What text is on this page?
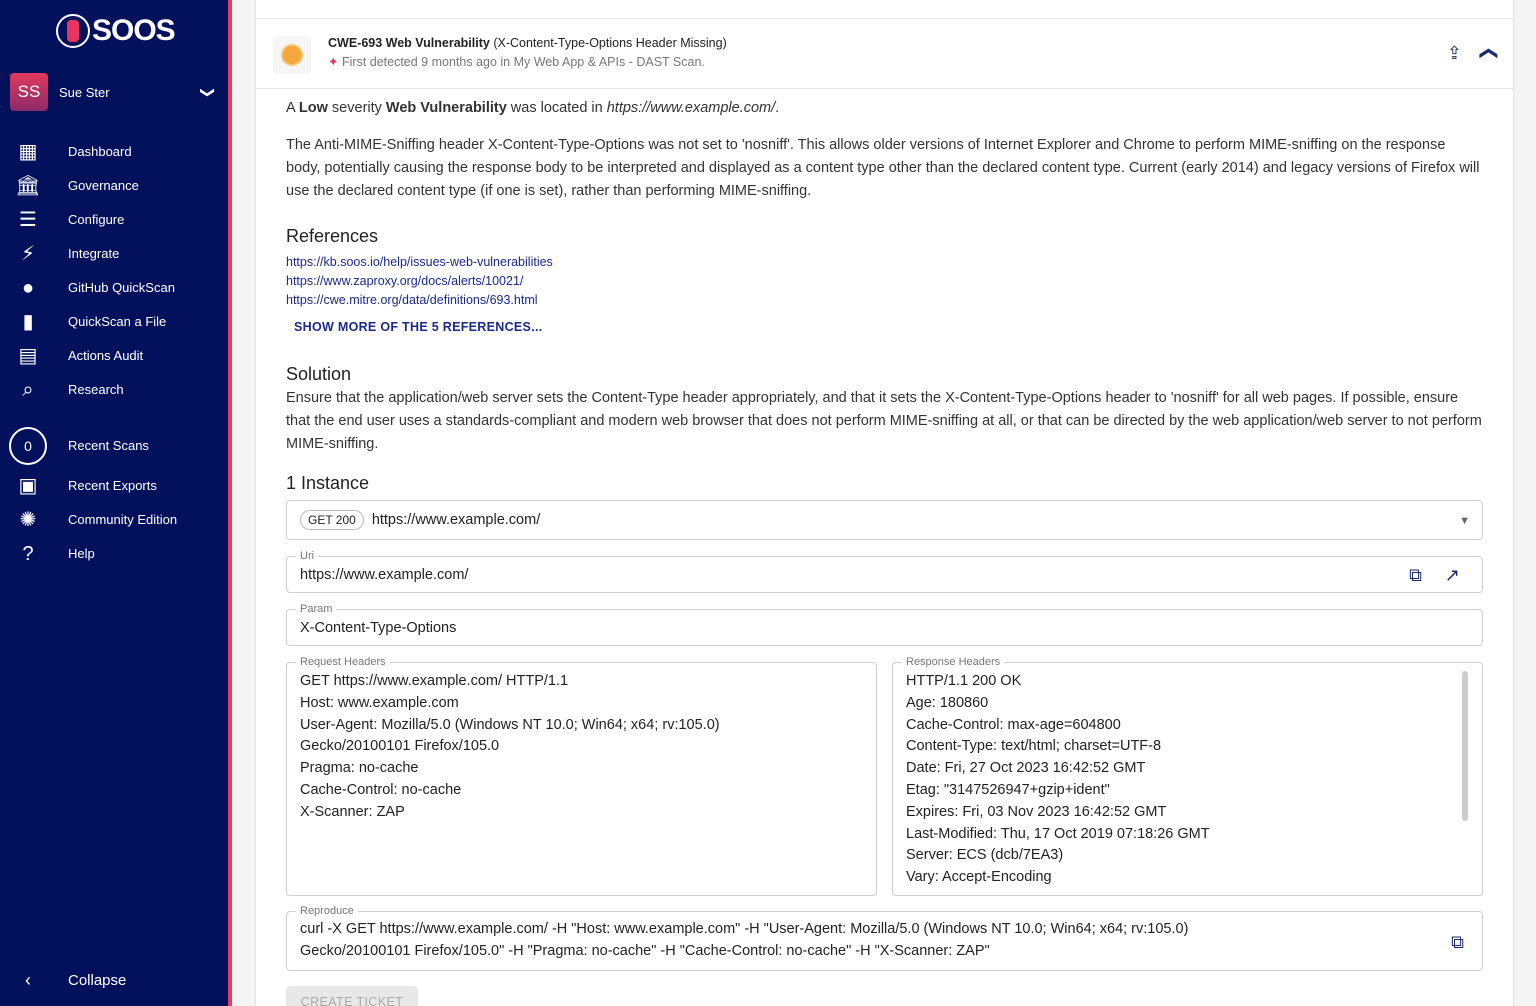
SOOS
SS	Sue Ster	❯
▦	Dashboard
🏛	Governance
☰	Configure
⚡	Integrate
●	GitHub QuickScan
▮	QuickScan a File
▤	Actions Audit
⌕	Research
0	Recent Scans
▣	Recent Exports
✺	Community Edition
?	Help
‹	Collapse
CWE-693 Web Vulnerability (X-Content-Type-Options Header Missing)
✦ First detected 9 months ago in My Web App & APIs - DAST Scan.	⇪ ❯

A Low severity Web Vulnerability was located in https://www.example.com/.

The Anti-MIME-Sniffing header X-Content-Type-Options was not set to 'nosniff'. This allows older versions of Internet Explorer and Chrome to perform MIME-sniffing on the response body, potentially causing the response body to be interpreted and displayed as a content type other than the declared content type. Current (early 2014) and legacy versions of Firefox will use the declared content type (if one is set), rather than performing MIME-sniffing.

References
https://kb.soos.io/help/issues-web-vulnerabilities
https://www.zaproxy.org/docs/alerts/10021/
https://cwe.mitre.org/data/definitions/693.html
SHOW MORE OF THE 5 REFERENCES...
Solution

Ensure that the application/web server sets the Content-Type header appropriately, and that it sets the X-Content-Type-Options header to 'nosniff' for all web pages. If possible, ensure that the end user uses a standards-compliant and modern web browser that does not perform MIME-sniffing at all, or that can be directed by the web application/web server to not perform MIME-sniffing.

1 Instance
GET 200 https://www.example.com/	▼
Uri
https://www.example.com/	⧉ ↗
Param
X-Content-Type-Options
Request Headers
GET https://www.example.com/ HTTP/1.1
Host: www.example.com
User-Agent: Mozilla/5.0 (Windows NT 10.0; Win64; x64; rv:105.0)
Gecko/20100101 Firefox/105.0
Pragma: no-cache
Cache-Control: no-cache
X-Scanner: ZAP
Response Headers
HTTP/1.1 200 OK
Age: 180860
Cache-Control: max-age=604800
Content-Type: text/html; charset=UTF-8
Date: Fri, 27 Oct 2023 16:42:52 GMT
Etag: "3147526947+gzip+ident"
Expires: Fri, 03 Nov 2023 16:42:52 GMT
Last-Modified: Thu, 17 Oct 2019 07:18:26 GMT
Server: ECS (dcb/7EA3)
Vary: Accept-Encoding
Reproduce
curl -X GET https://www.example.com/ -H "Host: www.example.com" -H "User-Agent: Mozilla/5.0 (Windows NT 10.0; Win64; x64; rv:105.0)
Gecko/20100101 Firefox/105.0" -H "Pragma: no-cache" -H "Cache-Control: no-cache" -H "X-Scanner: ZAP"	⧉
CREATE TICKET
